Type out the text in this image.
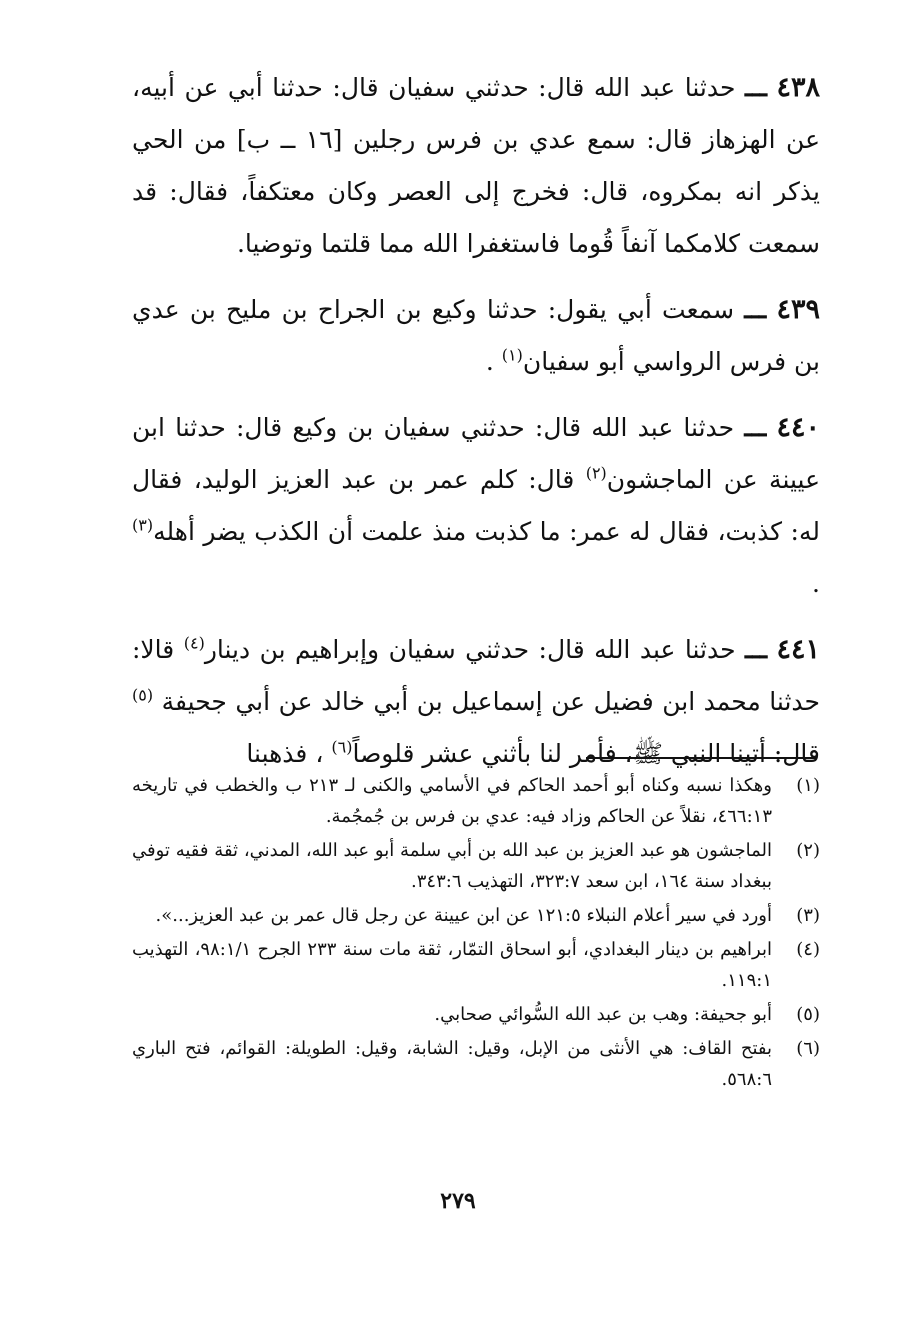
٤٣٨ ـــ حدثنا عبد الله قال: حدثني سفيان قال: حدثنا أبي عن أبيه، عن الهزهاز قال: سمع عدي بن فرس رجلين [١٦ ــ ب] من الحي يذكر انه بمكروه، قال: فخرج إلى العصر وكان معتكفاً، فقال: قد سمعت كلامكما آنفاً قُوما فاستغفرا الله مما قلتما وتوضيا.

٤٣٩ ـــ سمعت أبي يقول: حدثنا وكيع بن الجراح بن مليح بن عدي بن فرس الرواسي أبو سفيان$^{(١)}$ .

٤٤٠ ـــ حدثنا عبد الله قال: حدثني سفيان بن وكيع قال: حدثنا ابن عيينة عن الماجشون$^{(٢)}$ قال: كلم عمر بن عبد العزيز الوليد، فقال له: كذبت، فقال له عمر: ما كذبت منذ علمت أن الكذب يضر أهله$^{(٣)}$ .

٤٤١ ـــ حدثنا عبد الله قال: حدثني سفيان وإبراهيم بن دينار$^{(٤)}$ قالا: حدثنا محمد ابن فضيل عن إسماعيل بن أبي خالد عن أبي جحيفة $^{(٥)}$ قال: أتينا النبي ﷺ، فأمر لنا بأثني عشر قلوصاً$^{(٦)}$ ، فذهبنا

(١)
وهكذا نسبه وكناه أبو أحمد الحاكم في الأسامي والكنى لـ ٢١٣ ب والخطب في تاريخه ٤٦٦:١٣، نقلاً عن الحاكم وزاد فيه: عدي بن فرس بن جُمجُمة.
(٢)
الماجشون هو عبد العزيز بن عبد الله بن أبي سلمة أبو عبد الله، المدني، ثقة فقيه توفي ببغداد سنة ١٦٤، ابن سعد ٣٢٣:٧، التهذيب ٣٤٣:٦.
(٣)
أورد في سير أعلام النبلاء ١٢١:٥ عن ابن عيينة عن رجل قال عمر بن عبد العزيز...».
(٤)
ابراهيم بن دينار البغدادي، أبو اسحاق التمّار، ثقة مات سنة ٢٣٣ الجرح ٩٨:١/١، التهذيب ١١٩:١.
(٥)
أبو جحيفة: وهب بن عبد الله السُّوائي صحابي.
(٦)
بفتح القاف: هي الأنثى من الإبل، وقيل: الشابة، وقيل: الطويلة: القوائم، فتح الباري ٥٦٨:٦.
٢٧٩
